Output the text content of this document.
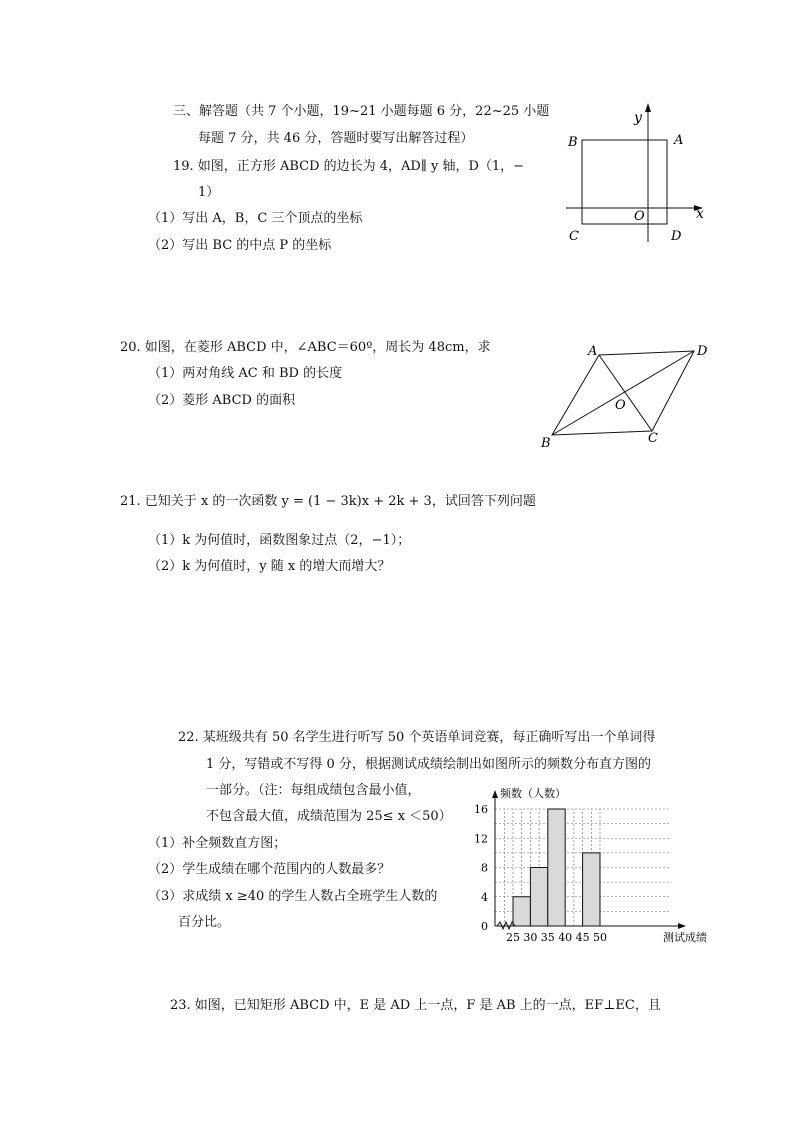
三、解答题（共 7 个小题，19~21 小题每题 6 分，22~25 小题
每题 7 分，共 46 分，答题时要写出解答过程）
19. 如图，正方形 ABCD 的边长为 4，AD∥ y 轴，D（1，−
1）
（1）写出 A，B，C 三个顶点的坐标
（2）写出 BC 的中点 P 的坐标
y
x
O
A
B
C	D
20. 如图，在菱形 ABCD 中，∠ABC＝60º，周长为 48cm，求
（1）两对角线 AC 和 BD 的长度
（2）菱形 ABCD 的面积
A	D
O
B	C
21. 已知关于 x 的一次函数 y = (1 − 3k)x + 2k + 3，试回答下列问题
（1）k 为何值时，函数图象过点（2，−1）；
（2）k 为何值时，y 随 x 的增大而增大？
22. 某班级共有 50 名学生进行听写 50 个英语单词竞赛，每正确听写出一个单词得
1 分，写错或不写得 0 分，根据测试成绩绘制出如图所示的频数分布直方图的
一部分。（注：每组成绩包含最小值，
不包含最大值，成绩范围为 25≤ x ＜50）
（1）补全频数直方图；
（2）学生成绩在哪个范围内的人数最多？
（3）求成绩 x ≥40 的学生人数占全班学生人数的
百分比。
频数（人数）
测试成绩
0
4
8
12
16
25 30 35 40 45 50
23. 如图，已知矩形 ABCD 中，E 是 AD 上一点，F 是 AB 上的一点，EF⊥EC，且
